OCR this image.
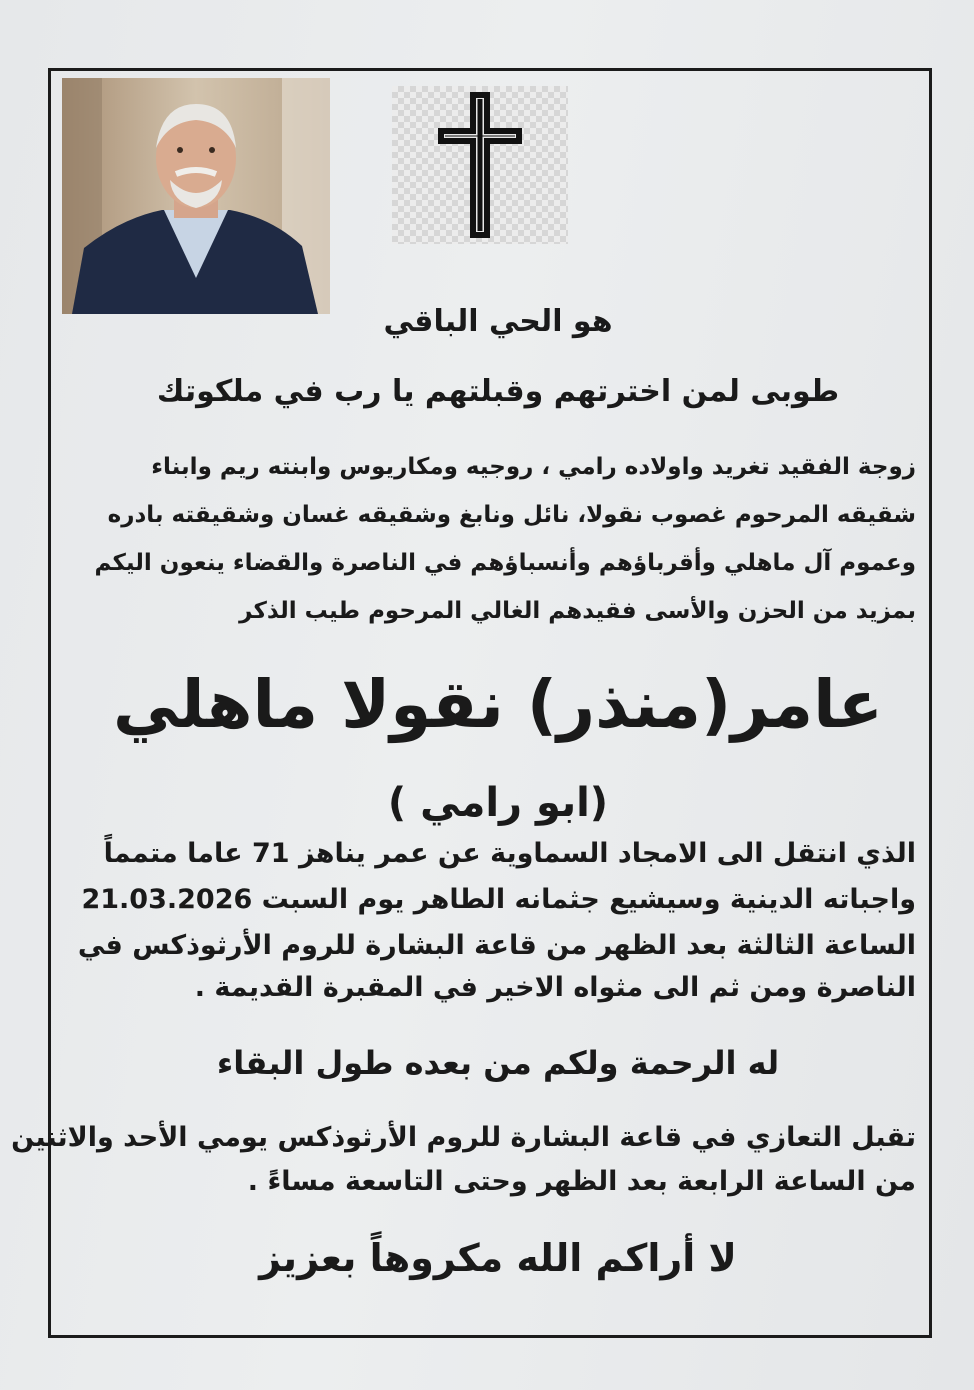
هو الحي الباقي
طوبى لمن اخترتهم وقبلتهم يا رب في ملكوتك
زوجة الفقيد تغريد واولاده رامي ، روجيه ومكاريوس وابنته ريم وابناء
شقيقه المرحوم غصوب نقولا، نائل ونابغ وشقيقه غسان وشقيقته بادره
وعموم آل ماهلي وأقرباؤهم وأنسباؤهم في الناصرة والقضاء ينعون اليكم
بمزيد من الحزن والأسى فقيدهم الغالي المرحوم طيب الذكر
عامر(منذر) نقولا ماهلي
(ابو رامي )
الذي انتقل الى الامجاد السماوية عن عمر يناهز 71 عاما متمماً
واجباته الدينية وسيشيع جثمانه الطاهر يوم السبت 21.03.2026
الساعة الثالثة بعد الظهر من قاعة البشارة للروم الأرثوذكس في
الناصرة ومن ثم الى مثواه الاخير في المقبرة القديمة .
له الرحمة ولكم من بعده طول البقاء
تقبل التعازي في قاعة البشارة للروم الأرثوذكس يومي الأحد والاثنين
من الساعة الرابعة بعد الظهر وحتى التاسعة مساءً .
لا أراكم الله مكروهاً بعزيز
